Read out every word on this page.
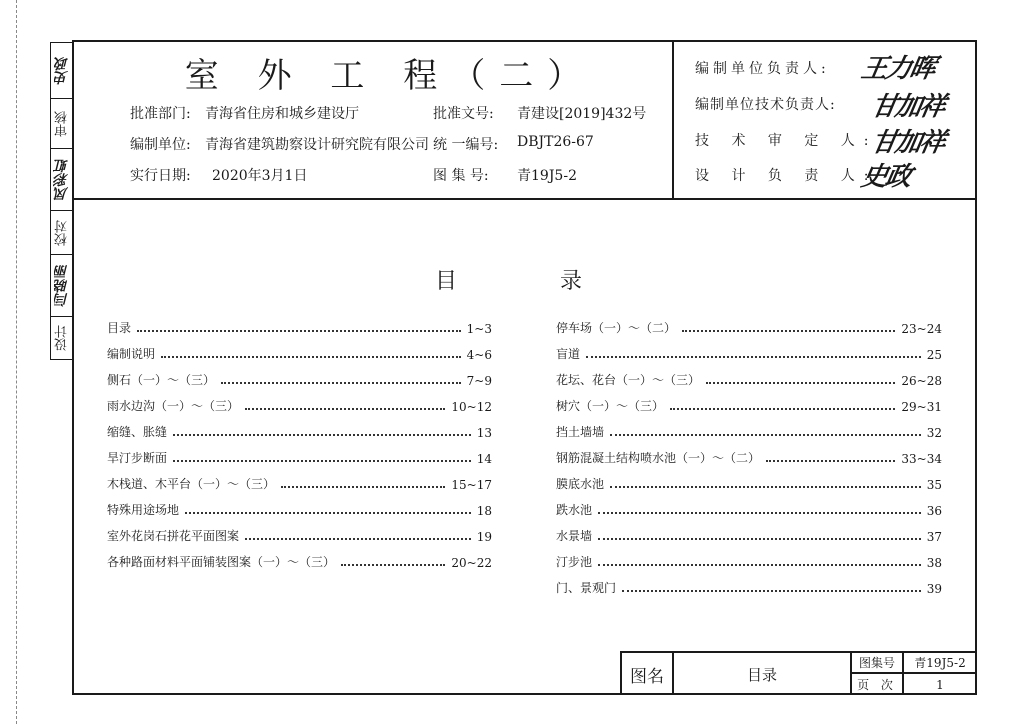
史政
审核
凤彩虹
校对
闫晓丽
设计
室 外 工 程（二）
批准部门: 青海省住房和城乡建设厅	批准文号: 青建设[2019]432号
编制单位: 青海省建筑勘察设计研究院有限公司 统 一编号: DBJT26-67
实行日期: 2020年3月1日	图 集 号: 青19J5-2
编制单位负责人: 王力晖
编制单位技术负责人: 甘加祥
技 术 审 定 人:
甘加祥
设 计 负 责 人:
史政
目	录
目录	1~3
编制说明	4~6
侧石（一）～（三）	7~9
雨水边沟（一）～（三）	10~12
缩缝、胀缝	13
旱汀步断面	14
木栈道、木平台（一）～（三）	15~17
特殊用途场地	18
室外花岗石拼花平面图案	19
各种路面材料平面铺装图案（一）～（三）	20~22
停车场（一）～（二）	23~24
盲道	25
花坛、花台（一）～（三）	26~28
树穴（一）～（三）	29~31
挡土墙墙	32
钢筋混凝土结构喷水池（一）～（二）	33~34
膜底水池	35
跌水池	36
水景墙	37
汀步池	38
门、景观门	39
图名	目录
图集号	青19J5-2
页 次	1
